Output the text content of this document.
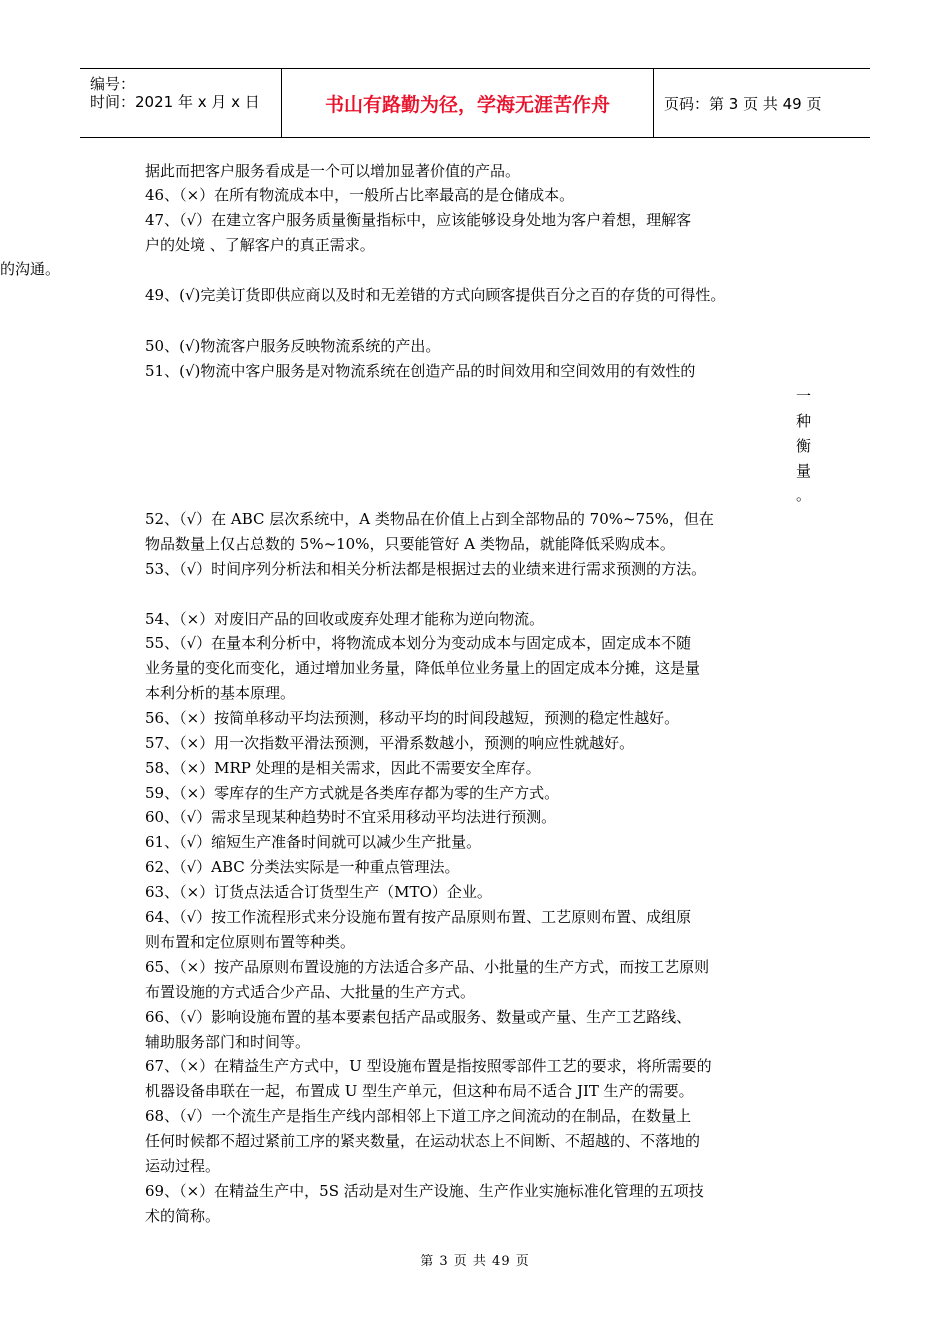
编号：
时间：2021 年 x 月 x 日	书山有路勤为径，学海无涯苦作舟	页码：第 3 页 共 49 页
据此而把客户服务看成是一个可以增加显著价值的产品。
46、（×）在所有物流成本中，一般所占比率最高的是仓储成本。
47、（√）在建立客户服务质量衡量指标中，应该能够设身处地为客户着想，理解客
户的处境 、了解客户的真正需求。
的沟通。
49、(√)完美订货即供应商以及时和无差错的方式向顾客提供百分之百的存货的可得性。
50、(√)物流客户服务反映物流系统的产出。
51、(√)物流中客户服务是对物流系统在创造产品的时间效用和空间效用的有效性的
一
种
衡
量
。
52、（√）在 ABC 层次系统中，A 类物品在价值上占到全部物品的 70%~75%，但在
物品数量上仅占总数的 5%~10%，只要能管好 A 类物品，就能降低采购成本。
53、（√）时间序列分析法和相关分析法都是根据过去的业绩来进行需求预测的方法。
54、（×）对废旧产品的回收或废弃处理才能称为逆向物流。
55、（√）在量本利分析中，将物流成本划分为变动成本与固定成本，固定成本不随
业务量的变化而变化，通过增加业务量，降低单位业务量上的固定成本分摊，这是量
本利分析的基本原理。
56、（×）按简单移动平均法预测，移动平均的时间段越短，预测的稳定性越好。
57、（×）用一次指数平滑法预测，平滑系数越小，预测的响应性就越好。
58、（×）MRP 处理的是相关需求，因此不需要安全库存。
59、（×）零库存的生产方式就是各类库存都为零的生产方式。
60、（√）需求呈现某种趋势时不宜采用移动平均法进行预测。
61、（√）缩短生产准备时间就可以减少生产批量。
62、（√）ABC 分类法实际是一种重点管理法。
63、（×）订货点法适合订货型生产（MTO）企业。
64、（√）按工作流程形式来分设施布置有按产品原则布置、工艺原则布置、成组原
则布置和定位原则布置等种类。
65、（×）按产品原则布置设施的方法适合多产品、小批量的生产方式，而按工艺原则
布置设施的方式适合少产品、大批量的生产方式。
66、（√）影响设施布置的基本要素包括产品或服务、数量或产量、生产工艺路线、
辅助服务部门和时间等。
67、（×）在精益生产方式中，U 型设施布置是指按照零部件工艺的要求，将所需要的
机器设备串联在一起，布置成 U 型生产单元，但这种布局不适合 JIT 生产的需要。
68、（√）一个流生产是指生产线内部相邻上下道工序之间流动的在制品，在数量上
任何时候都不超过紧前工序的紧夹数量，在运动状态上不间断、不超越的、不落地的
运动过程。
69、（×）在精益生产中，5S 活动是对生产设施、生产作业实施标准化管理的五项技
术的简称。
第 3 页 共 49 页
